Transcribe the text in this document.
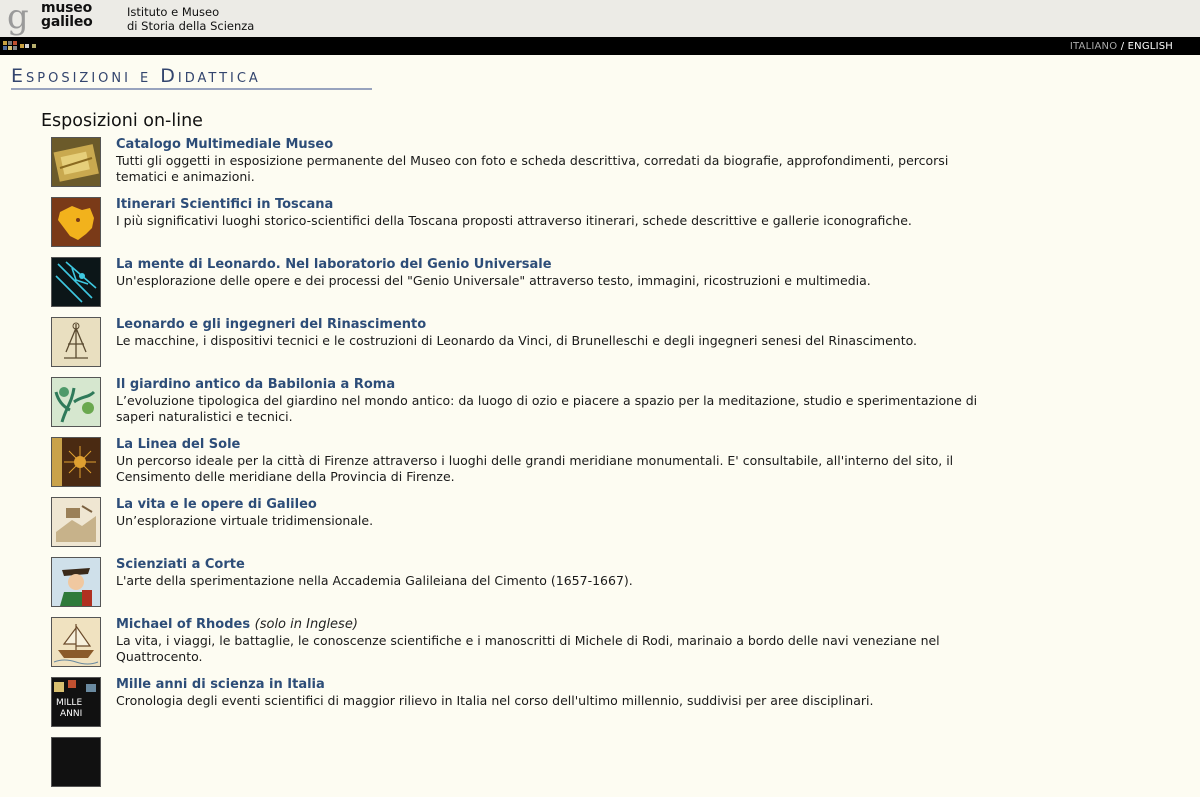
g museo
galileo
Istituto e Museo
di Storia della Scienza
ITALIANO / ENGLISH
Esposizioni e Didattica
Esposizioni on-line
Catalogo Multimediale Museo
Tutti gli oggetti in esposizione permanente del Museo con foto e scheda descrittiva, corredati da biografie, approfondimenti, percorsi tematici e animazioni.
Itinerari Scientifici in Toscana
I più significativi luoghi storico-scientifici della Toscana proposti attraverso itinerari, schede descrittive e gallerie iconografiche.
La mente di Leonardo. Nel laboratorio del Genio Universale
Un'esplorazione delle opere e dei processi del "Genio Universale" attraverso testo, immagini, ricostruzioni e multimedia.
Leonardo e gli ingegneri del Rinascimento
Le macchine, i dispositivi tecnici e le costruzioni di Leonardo da Vinci, di Brunelleschi e degli ingegneri senesi del Rinascimento.
Il giardino antico da Babilonia a Roma
L’evoluzione tipologica del giardino nel mondo antico: da luogo di ozio e piacere a spazio per la meditazione, studio e sperimentazione di saperi naturalistici e tecnici.
La Linea del Sole
Un percorso ideale per la città di Firenze attraverso i luoghi delle grandi meridiane monumentali. E' consultabile, all'interno del sito, il Censimento delle meridiane della Provincia di Firenze.
La vita e le opere di Galileo
Un’esplorazione virtuale tridimensionale.
Scienziati a Corte
L'arte della sperimentazione nella Accademia Galileiana del Cimento (1657-1667).
Michael of Rhodes (solo in Inglese)
La vita, i viaggi, le battaglie, le conoscenze scientifiche e i manoscritti di Michele di Rodi, marinaio a bordo delle navi veneziane nel Quattrocento.
MILLE
ANNI
Mille anni di scienza in Italia
Cronologia degli eventi scientifici di maggior rilievo in Italia nel corso dell'ultimo millennio, suddivisi per aree disciplinari.
